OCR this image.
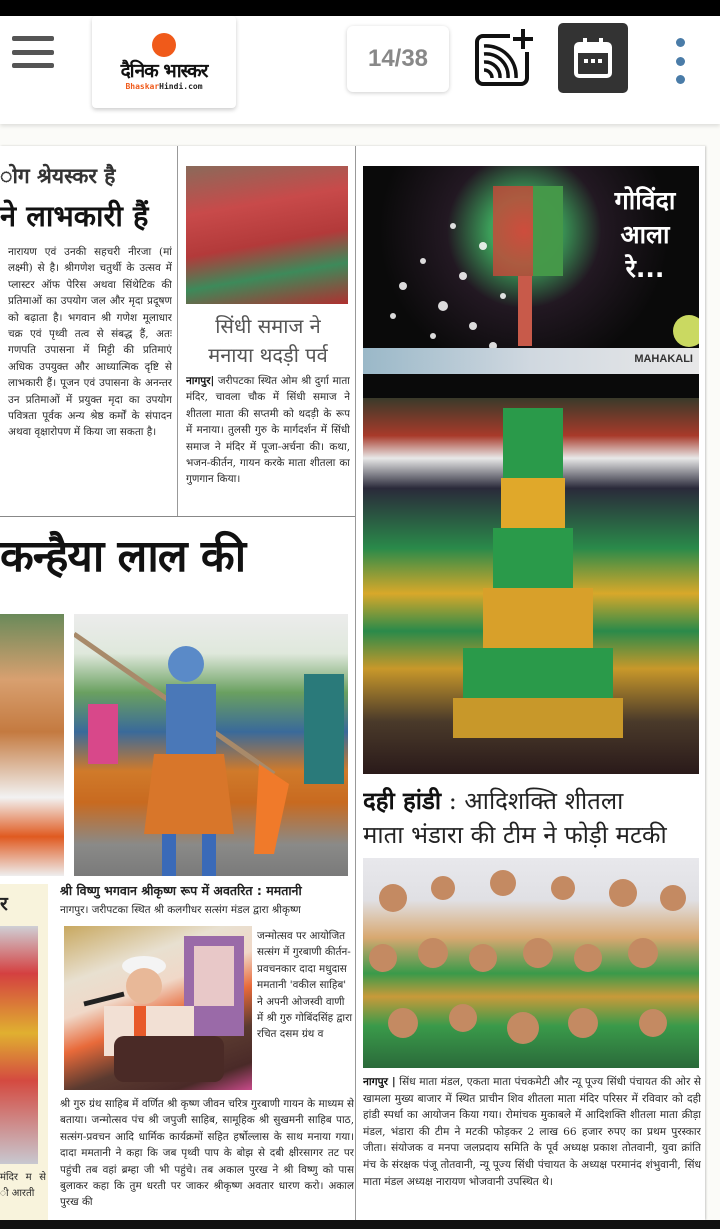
दैनिक भास्कर
BhaskarHindi.com
14/38
ोग श्रेयस्कर है
ने लाभकारी हैं
नारायण एवं उनकी सहचरी नीरजा (मां लक्ष्मी) से है। श्रीगणेश चतुर्थी के उत्सव में प्लास्टर ऑफ पेरिस अथवा सिंथेटिक की प्रतिमाओं का उपयोग जल और मृदा प्रदूषण को बढ़ाता है। भगवान श्री गणेश मूलाधार चक्र एवं पृथ्वी तत्व से संबद्ध हैं, अतः गणपति उपासना में मिट्टी की प्रतिमाएं अधिक उपयुक्त और आध्यात्मिक दृष्टि से लाभकारी हैं। पूजन एवं उपासना के अनन्तर उन प्रतिमाओं में प्रयुक्त मृदा का उपयोग पवित्रता पूर्वक अन्य श्रेष्ठ कर्मों के संपादन अथवा वृक्षारोपण में किया जा सकता है।
सिंधी समाज ने
मनाया थदड़ी पर्व
नागपुर| जरीपटका स्थित ओम श्री दुर्गा माता मंदिर, चावला चौक में सिंधी समाज ने शीतला माता की सप्तमी को थदड़ी के रूप में मनाया। तुलसी गुरु के मार्गदर्शन में सिंधी समाज ने मंदिर में पूजा-अर्चना की। कथा, भजन-कीर्तन, गायन करके माता शीतला का गुणगान किया।
कन्हैया लाल की
र
मंदिर म से ी आरती
श्री विष्णु भगवान श्रीकृष्ण रूप में अवतरित : ममतानी
नागपुर। जरीपटका स्थित श्री कलगीधर सत्संग मंडल द्वारा श्रीकृष्ण
जन्मोत्सव पर आयोजित सत्संग में गुरबाणी कीर्तन-प्रवचनकार दादा मधुदास ममतानी 'वकील साहिब' ने अपनी ओजस्वी वाणी में श्री गुरु गोबिंदसिंह द्वारा रचित दसम ग्रंथ व
श्री गुरु ग्रंथ साहिब में वर्णित श्री कृष्ण जीवन चरित्र गुरबाणी गायन के माध्यम से बताया। जन्मोत्सव पंच श्री जपुजी साहिब, सामूहिक श्री सुखमनी साहिब पाठ, सत्संग-प्रवचन आदि धार्मिक कार्यक्रमों सहित हर्षोल्लास के साथ मनाया गया। दादा ममतानी ने कहा कि जब पृथ्वी पाप के बोझ से दबी क्षीरसागर तट पर पहुंची तब वहां ब्रम्हा जी भी पहुंचे। तब अकाल पुरख ने श्री विष्णु को पास बुलाकर कहा कि तुम धरती पर जाकर श्रीकृष्ण अवतार धारण करो। अकाल पुरख की
गोविंदा
आला
रे...
MAHAKALI
दही हांडी : आदिशक्ति शीतला
माता भंडारा की टीम ने फोड़ी मटकी
नागपुर | सिंध माता मंडल, एकता माता पंचकमेटी और न्यू पूज्य सिंधी पंचायत की ओर से खामला मुख्य बाजार में स्थित प्राचीन शिव शीतला माता मंदिर परिसर में रविवार को दही हांडी स्पर्धा का आयोजन किया गया। रोमांचक मुकाबले में आदिशक्ति शीतला माता क्रीड़ा मंडल, भंडारा की टीम ने मटकी फोड़कर 2 लाख 66 हजार रुपए का प्रथम पुरस्कार जीता। संयोजक व मनपा जलप्रदाय समिति के पूर्व अध्यक्ष प्रकाश तोतवानी, युवा क्रांति मंच के संरक्षक पंजू तोतवानी, न्यू पूज्य सिंधी पंचायत के अध्यक्ष परमानंद शंभुवानी, सिंध माता मंडल अध्यक्ष नारायण भोजवानी उपस्थित थे।
